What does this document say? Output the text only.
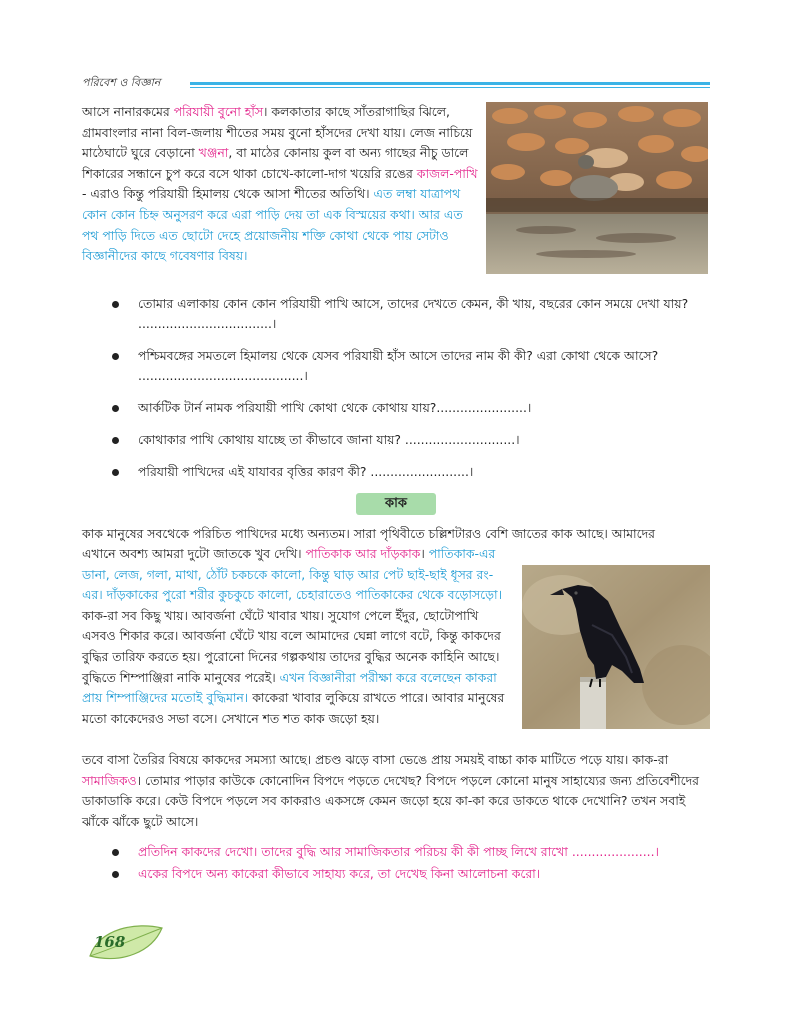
পরিবেশ ও বিজ্ঞান

আসে নানারকমের পরিযায়ী বুনো হাঁস। কলকাতার কাছে সাঁতরাগাছির ঝিলে, গ্রামবাংলার নানা বিল-জলায় শীতের সময় বুনো হাঁসদের দেখা যায়। লেজ নাচিয়ে মাঠেঘাটে ঘুরে বেড়ানো খঞ্জনা, বা মাঠের কোনায় কুল বা অন্য গাছের নীচু ডালে শিকারের সন্ধানে চুপ করে বসে থাকা চোখে-কালো-দাগ খয়েরি রঙের কাজল-পাখি - এরাও কিন্তু পরিযায়ী হিমালয় থেকে আসা শীতের অতিথি। এত লম্বা যাত্রাপথ কোন কোন চিহ্ন অনুসরণ করে এরা পাড়ি দেয় তা এক বিস্ময়ের কথা। আর এত পথ পাড়ি দিতে এত ছোটো দেহে প্রয়োজনীয় শক্তি কোথা থেকে পায় সেটাও বিজ্ঞানীদের কাছে গবেষণার বিষয়।

তোমার এলাকায় কোন কোন পরিযায়ী পাখি আসে, তাদের দেখতে কেমন, কী খায়, বছরের কোন সময়ে দেখা যায়? ..................................।
পশ্চিমবঙ্গের সমতলে হিমালয় থেকে যেসব পরিযায়ী হাঁস আসে তাদের নাম কী কী? এরা কোথা থেকে আসে? ..........................................।
আর্কটিক টার্ন নামক পরিযায়ী পাখি কোথা থেকে কোথায় যায়?.......................।
কোথাকার পাখি কোথায় যাচ্ছে তা কীভাবে জানা যায়? ............................।
পরিযায়ী পাখিদের এই যাযাবর বৃত্তির কারণ কী? .........................।
কাক

কাক মানুষের সবথেকে পরিচিত পাখিদের মধ্যে অন্যতম। সারা পৃথিবীতে চল্লিশটারও বেশি জাতের কাক আছে। আমাদের

এখানে অবশ্য আমরা দুটো জাতকে খুব দেখি। পাতিকাক আর দাঁড়কাক। পাতিকাক-এর ডানা, লেজ, গলা, মাথা, ঠোঁট চকচকে কালো, কিন্তু ঘাড় আর পেট ছাই-ছাই ধূসর রং-এর। দাঁড়কাকের পুরো শরীর কুচকুচে কালো, চেহারাতেও পাতিকাকের থেকে বড়োসড়ো। কাক-রা সব কিছু খায়। আবর্জনা ঘেঁটে খাবার খায়। সুযোগ পেলে ইঁদুর, ছোটোপাখি এসবও শিকার করে। আবর্জনা ঘেঁটে খায় বলে আমাদের ঘেন্না লাগে বটে, কিন্তু কাকদের বুদ্ধির তারিফ করতে হয়। পুরোনো দিনের গল্পকথায় তাদের বুদ্ধির অনেক কাহিনি আছে। বুদ্ধিতে শিম্পাঞ্জিরা নাকি মানুষের পরেই। এখন বিজ্ঞানীরা পরীক্ষা করে বলেছেন কাকরা প্রায় শিম্পাঞ্জিদের মতোই বুদ্ধিমান। কাকেরা খাবার লুকিয়ে রাখতে পারে। আবার মানুষের মতো কাকেদেরও সভা বসে। সেখানে শত শত কাক জড়ো হয়।

তবে বাসা তৈরির বিষয়ে কাকদের সমস্যা আছে। প্রচণ্ড ঝড়ে বাসা ভেঙে প্রায় সময়ই বাচ্চা কাক মাটিতে পড়ে যায়। কাক-রা সামাজিকও। তোমার পাড়ার কাউকে কোনোদিন বিপদে পড়তে দেখেছ? বিপদে পড়লে কোনো মানুষ সাহায্যের জন্য প্রতিবেশীদের ডাকাডাকি করে। কেউ বিপদে পড়লে সব কাকরাও একসঙ্গে কেমন জড়ো হয়ে কা-কা করে ডাকতে থাকে দেখোনি? তখন সবাই ঝাঁকে ঝাঁকে ছুটে আসে।

প্রতিদিন কাকদের দেখো। তাদের বুদ্ধি আর সামাজিকতার পরিচয় কী কী পাচ্ছ লিখে রাখো .....................।
একের বিপদে অন্য কাকেরা কীভাবে সাহায্য করে, তা দেখেছ কিনা আলোচনা করো।
168
